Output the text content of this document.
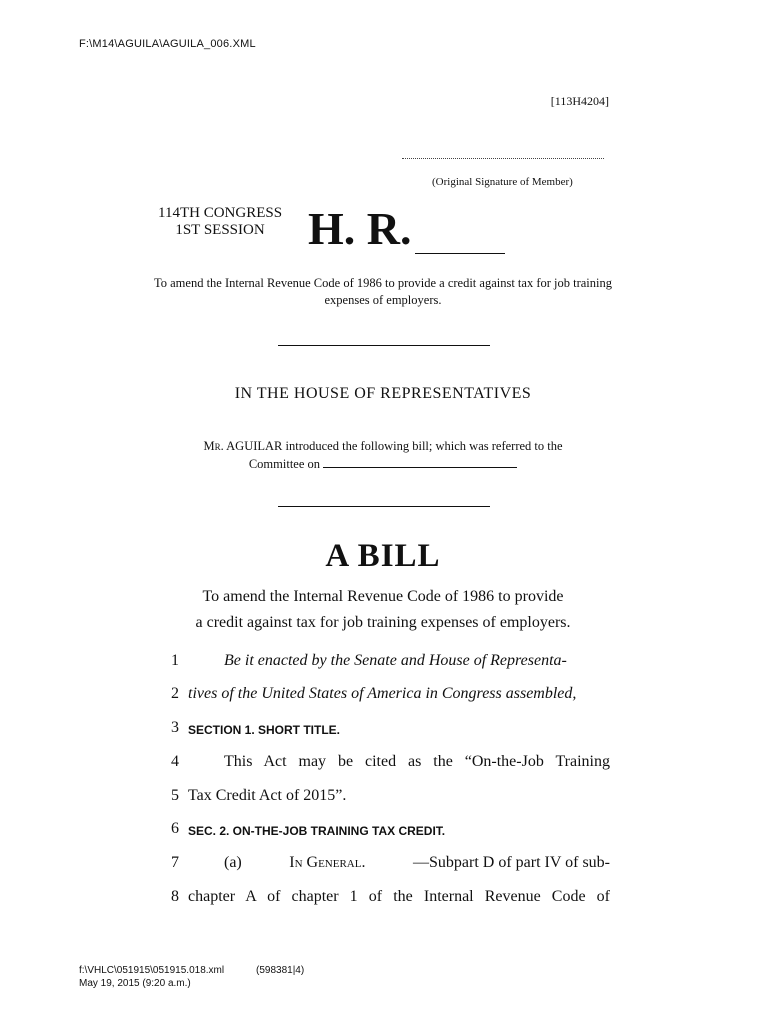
F:\M14\AGUILA\AGUILA_006.XML
[113H4204]
(Original Signature of Member)
114TH CONGRESS
1ST SESSION H. R.
To amend the Internal Revenue Code of 1986 to provide a credit against tax for job training expenses of employers.
IN THE HOUSE OF REPRESENTATIVES
Mr. AGUILAR introduced the following bill; which was referred to the
Committee on
A BILL
To amend the Internal Revenue Code of 1986 to provide
a credit against tax for job training expenses of employers.
1	Be it enacted by the Senate and House of Representa-
2 tives of the United States of America in Congress assembled,
3 SECTION 1. SHORT TITLE.
4	This Act may be cited as the “On-the-Job Training
5 Tax Credit Act of 2015”.
6 SEC. 2. ON-THE-JOB TRAINING TAX CREDIT.
7	(a)	In General.	—Subpart D of part IV of sub-
8 chapter A of chapter 1 of the Internal Revenue Code of
f:\VHLC\051915\051915.018.xml	(598381|4)
May 19, 2015 (9:20 a.m.)
